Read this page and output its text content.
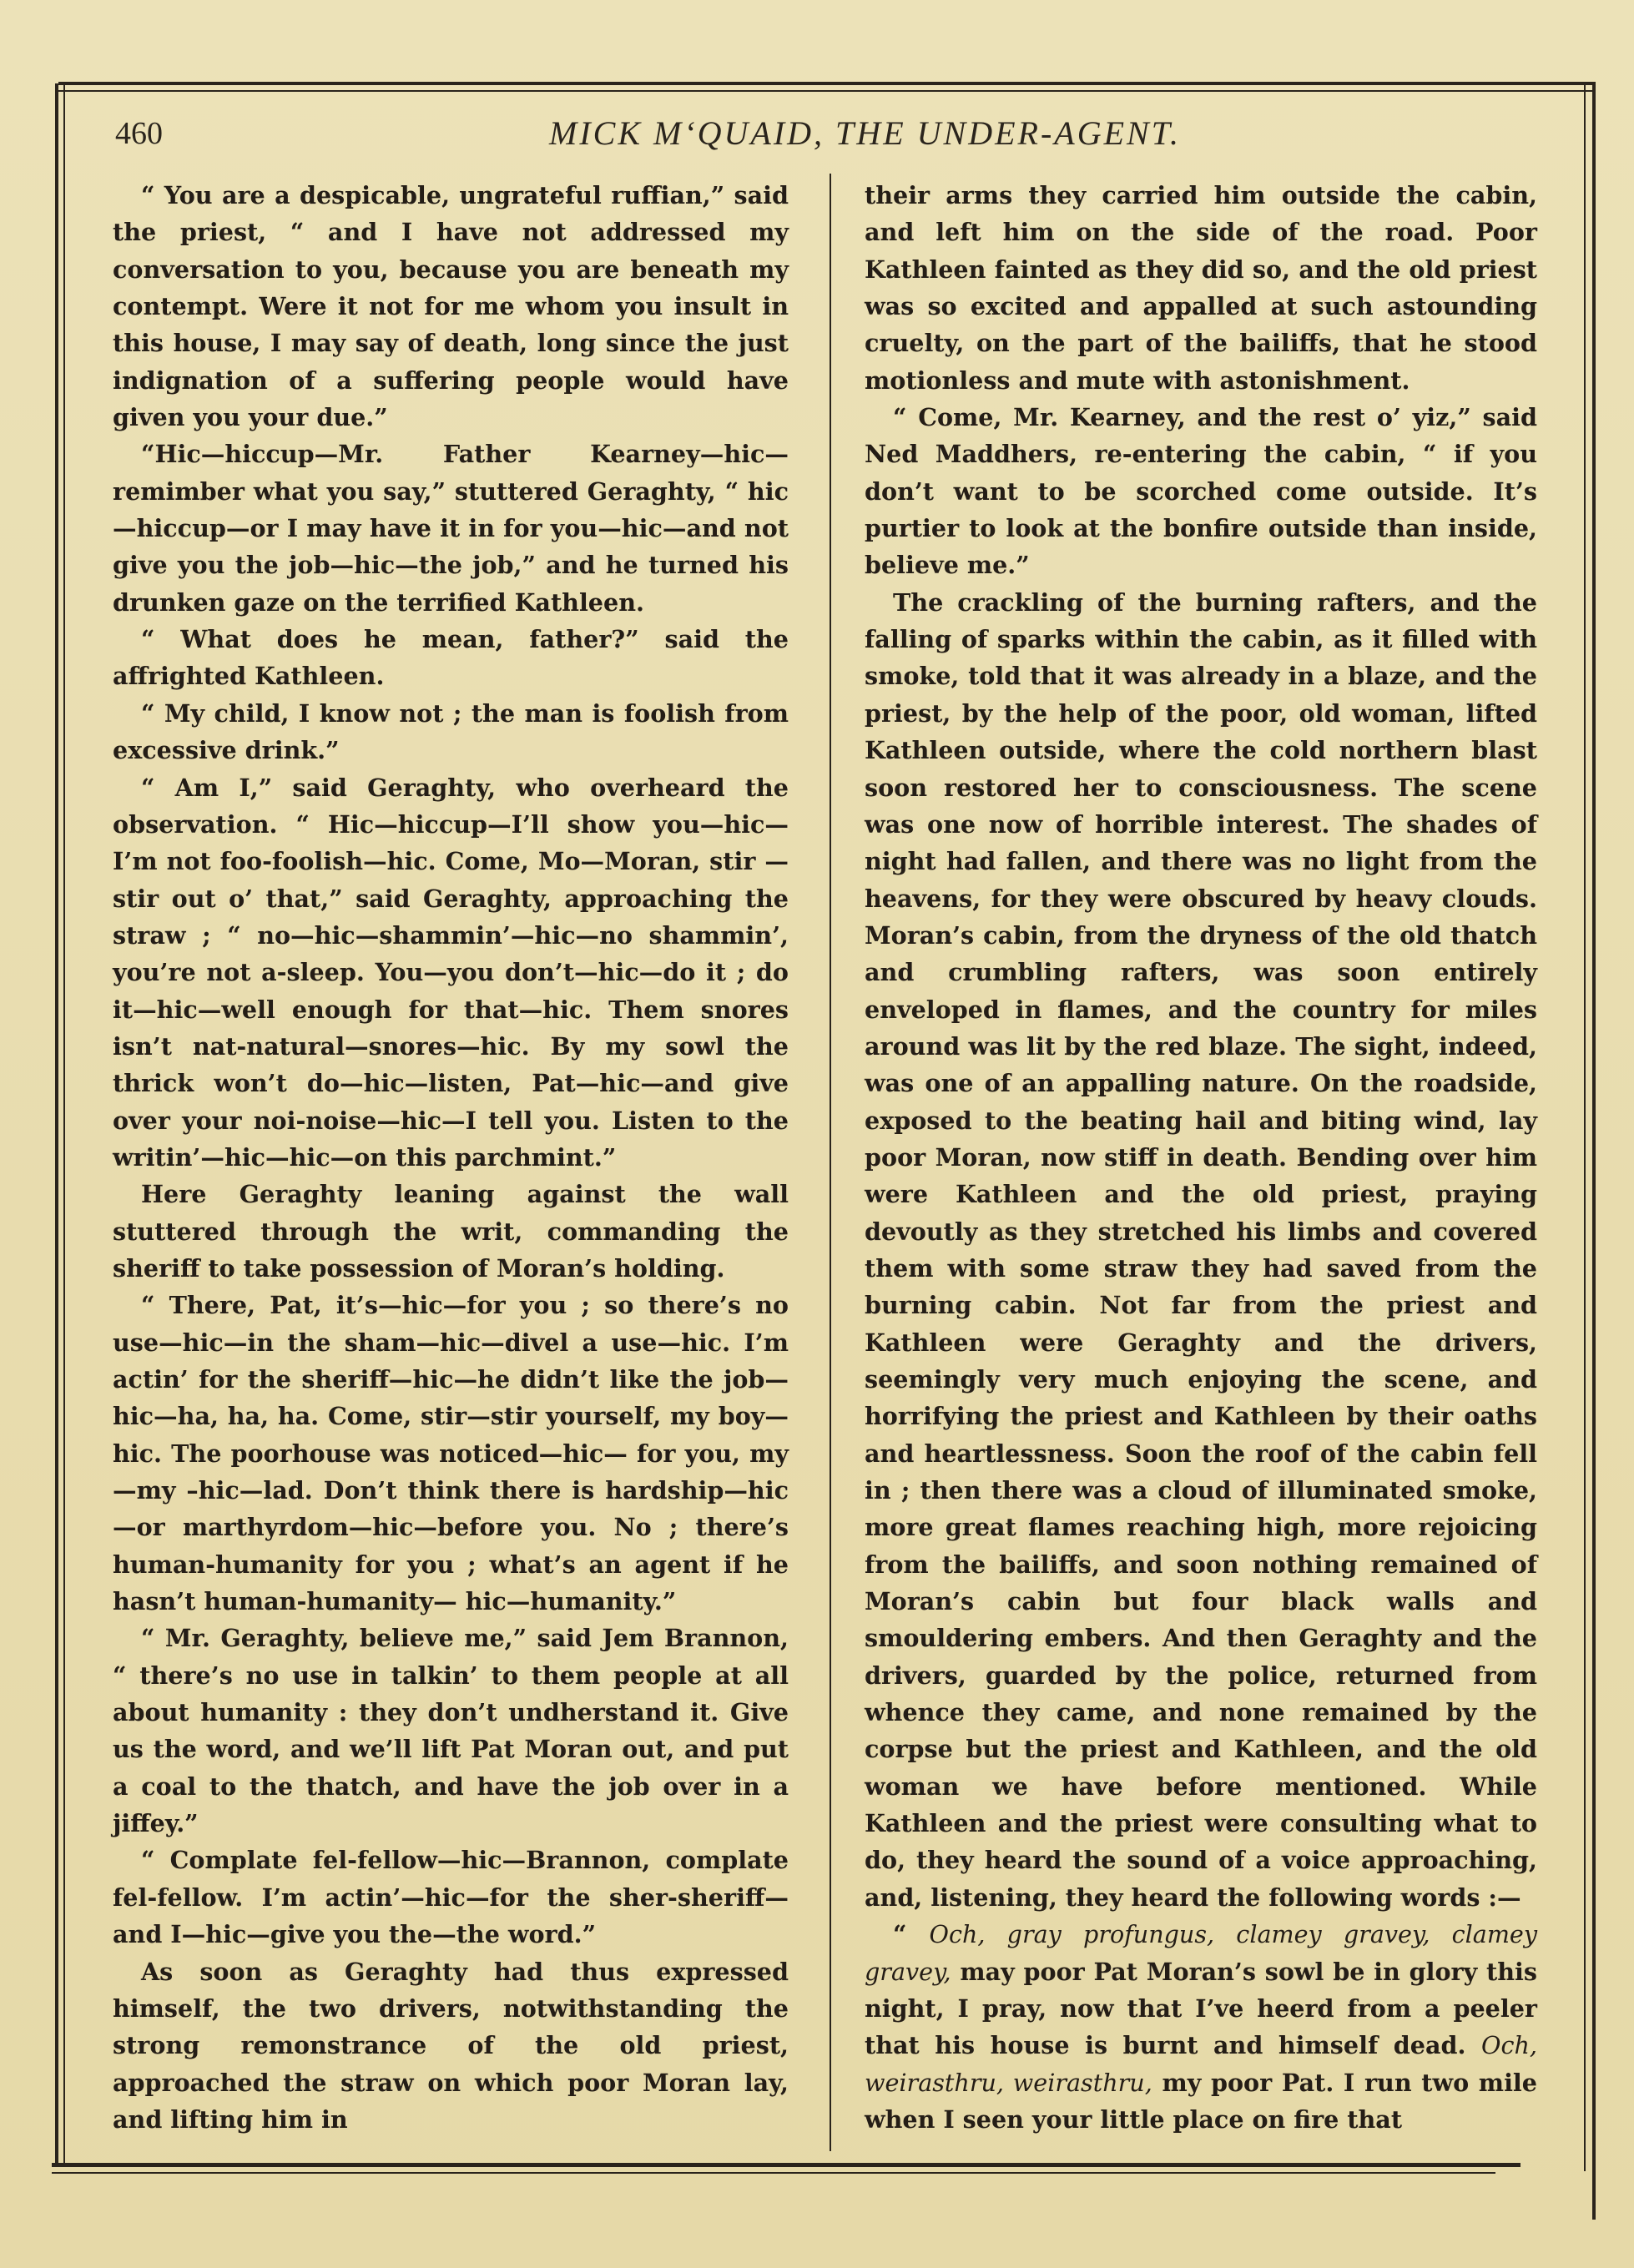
460	MICK M‘QUAID, THE UNDER-AGENT.

“ You are a despicable, ungrateful ruffian,” said the priest, “ and I have not addressed my conversation to you, because you are beneath my contempt. Were it not for me whom you insult in this house, I may say of death, long since the just indignation of a suffering people would have given you your due.”

“Hic—hiccup—Mr. Father Kearney—hic—remimber what you say,” stuttered Geraghty, “ hic —hiccup—or I may have it in for you—hic—and not give you the job—hic—the job,” and he turned his drunken gaze on the terrified Kathleen.

“ What does he mean, father?” said the affrighted Kathleen.

“ My child, I know not ; the man is foolish from excessive drink.”

“ Am I,” said Geraghty, who overheard the observation. “ Hic—hiccup—I’ll show you—hic— I’m not foo-foolish—hic. Come, Mo—Moran, stir —stir out o’ that,” said Geraghty, approaching the straw ; “ no—hic—shammin’—hic—no shammin’, you’re not a-sleep. You—you don’t—hic—do it ; do it—hic—well enough for that—hic. Them snores isn’t nat-natural—snores—hic. By my sowl the thrick won’t do—hic—listen, Pat—hic—and give over your noi-noise—hic—I tell you. Listen to the writin’—hic—hic—on this parchmint.”

Here Geraghty leaning against the wall stuttered through the writ, commanding the sheriff to take possession of Moran’s holding.

“ There, Pat, it’s—hic—for you ; so there’s no use—hic—in the sham—hic—divel a use—hic. I’m actin’ for the sheriff—hic—he didn’t like the job—hic—ha, ha, ha. Come, stir—stir yourself, my boy—hic. The poorhouse was noticed—hic— for you, my—my –hic—lad. Don’t think there is hardship—hic—or marthyrdom—hic—before you. No ; there’s human-humanity for you ; what’s an agent if he hasn’t human-humanity— hic—humanity.”

“ Mr. Geraghty, believe me,” said Jem Brannon, “ there’s no use in talkin’ to them people at all about humanity : they don’t undherstand it. Give us the word, and we’ll lift Pat Moran out, and put a coal to the thatch, and have the job over in a jiffey.”

“ Complate fel-fellow—hic—Brannon, complate fel-fellow. I’m actin’—hic—for the sher-sheriff— and I—hic—give you the—the word.”

As soon as Geraghty had thus expressed himself, the two drivers, notwithstanding the strong remonstrance of the old priest, approached the straw on which poor Moran lay, and lifting him in

their arms they carried him outside the cabin, and left him on the side of the road. Poor Kathleen fainted as they did so, and the old priest was so excited and appalled at such astounding cruelty, on the part of the bailiffs, that he stood motionless and mute with astonishment.

“ Come, Mr. Kearney, and the rest o’ yiz,” said Ned Maddhers, re-entering the cabin, “ if you don’t want to be scorched come outside. It’s purtier to look at the bonfire outside than inside, believe me.”

The crackling of the burning rafters, and the falling of sparks within the cabin, as it filled with smoke, told that it was already in a blaze, and the priest, by the help of the poor, old woman, lifted Kathleen outside, where the cold northern blast soon restored her to consciousness. The scene was one now of horrible interest. The shades of night had fallen, and there was no light from the heavens, for they were obscured by heavy clouds. Moran’s cabin, from the dryness of the old thatch and crumbling rafters, was soon entirely enveloped in flames, and the country for miles around was lit by the red blaze. The sight, indeed, was one of an appalling nature. On the roadside, exposed to the beating hail and biting wind, lay poor Moran, now stiff in death. Bending over him were Kathleen and the old priest, praying devoutly as they stretched his limbs and covered them with some straw they had saved from the burning cabin. Not far from the priest and Kathleen were Geraghty and the drivers, seemingly very much enjoying the scene, and horrifying the priest and Kathleen by their oaths and heartlessness. Soon the roof of the cabin fell in ; then there was a cloud of illuminated smoke, more great flames reaching high, more rejoicing from the bailiffs, and soon nothing remained of Moran’s cabin but four black walls and smouldering embers. And then Geraghty and the drivers, guarded by the police, returned from whence they came, and none remained by the corpse but the priest and Kathleen, and the old woman we have before mentioned. While Kathleen and the priest were consulting what to do, they heard the sound of a voice approaching, and, listening, they heard the following words :—

“ Och, gray profungus, clamey gravey, clamey gravey, may poor Pat Moran’s sowl be in glory this night, I pray, now that I’ve heerd from a peeler that his house is burnt and himself dead. Och, weirasthru, weirasthru, my poor Pat. I run two mile when I seen your little place on fire that
